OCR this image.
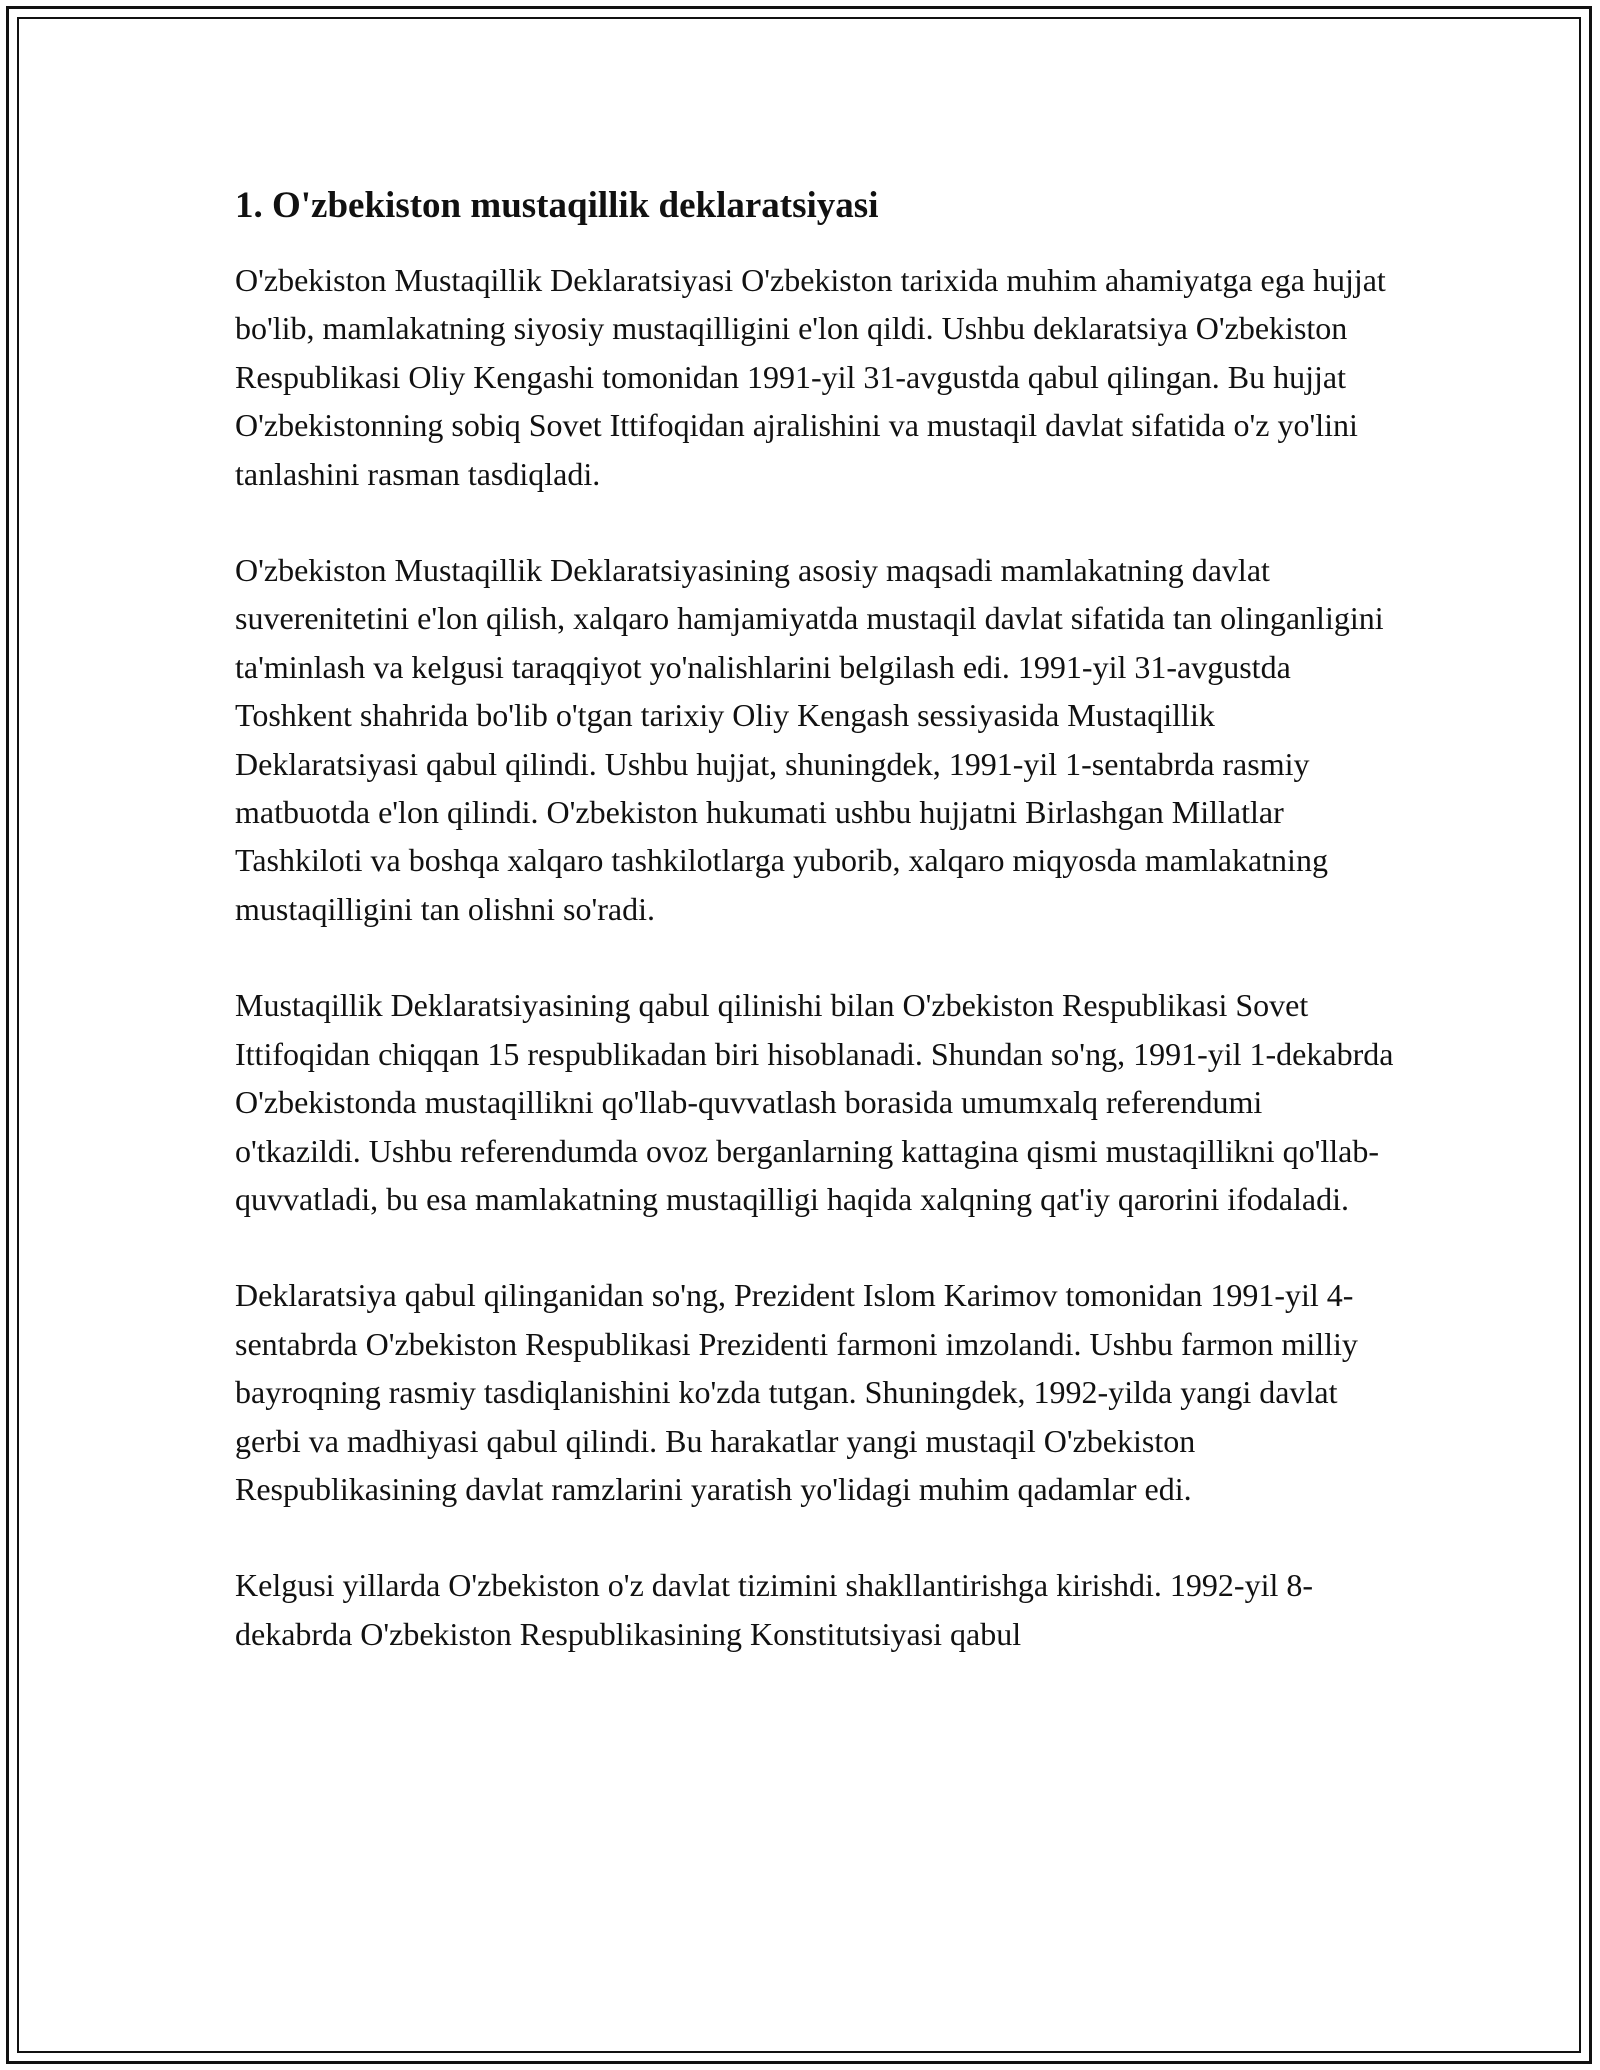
1. O'zbekiston mustaqillik deklaratsiyasi

O'zbekiston Mustaqillik Deklaratsiyasi O'zbekiston tarixida muhim ahamiyatga ega hujjat bo'lib, mamlakatning siyosiy mustaqilligini e'lon qildi. Ushbu deklaratsiya O'zbekiston Respublikasi Oliy Kengashi tomonidan 1991-yil 31-avgustda qabul qilingan. Bu hujjat O'zbekistonning sobiq Sovet Ittifoqidan ajralishini va mustaqil davlat sifatida o'z yo'lini tanlashini rasman tasdiqladi.

O'zbekiston Mustaqillik Deklaratsiyasining asosiy maqsadi mamlakatning davlat suverenitetini e'lon qilish, xalqaro hamjamiyatda mustaqil davlat sifatida tan olinganligini ta'minlash va kelgusi taraqqiyot yo'nalishlarini belgilash edi. 1991-yil 31-avgustda Toshkent shahrida bo'lib o'tgan tarixiy Oliy Kengash sessiyasida Mustaqillik Deklaratsiyasi qabul qilindi. Ushbu hujjat, shuningdek, 1991-yil 1-sentabrda rasmiy matbuotda e'lon qilindi. O'zbekiston hukumati ushbu hujjatni Birlashgan Millatlar Tashkiloti va boshqa xalqaro tashkilotlarga yuborib, xalqaro miqyosda mamlakatning mustaqilligini tan olishni so'radi.

Mustaqillik Deklaratsiyasining qabul qilinishi bilan O'zbekiston Respublikasi Sovet Ittifoqidan chiqqan 15 respublikadan biri hisoblanadi. Shundan so'ng, 1991-yil 1-dekabrda O'zbekistonda mustaqillikni qo'llab-quvvatlash borasida umumxalq referendumi o'tkazildi. Ushbu referendumda ovoz berganlarning kattagina qismi mustaqillikni qo'llab-quvvatladi, bu esa mamlakatning mustaqilligi haqida xalqning qat'iy qarorini ifodaladi.

Deklaratsiya qabul qilinganidan so'ng, Prezident Islom Karimov tomonidan 1991-yil 4-sentabrda O'zbekiston Respublikasi Prezidenti farmoni imzolandi. Ushbu farmon milliy bayroqning rasmiy tasdiqlanishini ko'zda tutgan. Shuningdek, 1992-yilda yangi davlat gerbi va madhiyasi qabul qilindi. Bu harakatlar yangi mustaqil O'zbekiston Respublikasining davlat ramzlarini yaratish yo'lidagi muhim qadamlar edi.

Kelgusi yillarda O'zbekiston o'z davlat tizimini shakllantirishga kirishdi. 1992-yil 8-dekabrda O'zbekiston Respublikasining Konstitutsiyasi qabul
